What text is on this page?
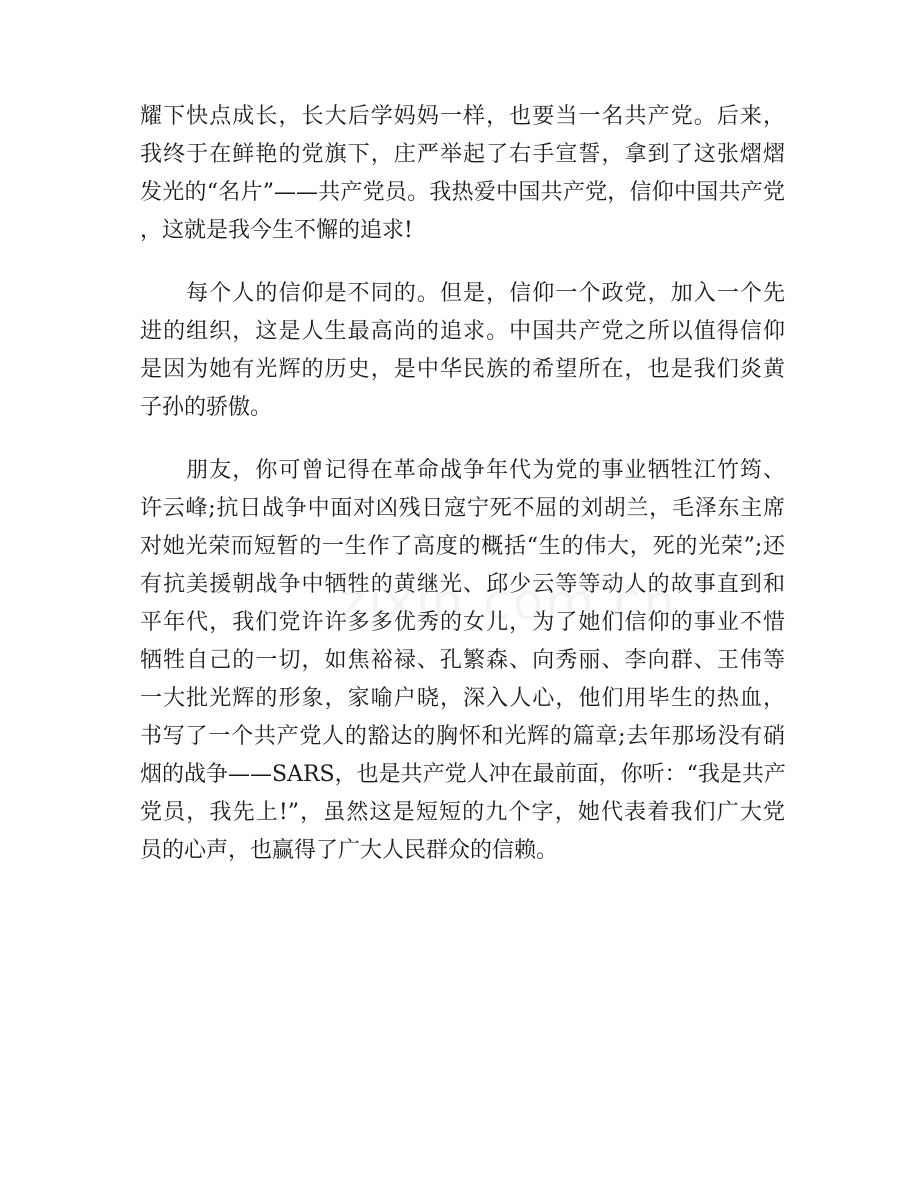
耀下快点成长，长大后学妈妈一样，也要当一名共产党。后来，
我终于在鲜艳的党旗下，庄严举起了右手宣誓，拿到了这张熠熠
发光的“名片”——共产党员。我热爱中国共产党，信仰中国共产党
，这就是我今生不懈的追求!
　　每个人的信仰是不同的。但是，信仰一个政党，加入一个先
进的组织，这是人生最高尚的追求。中国共产党之所以值得信仰
是因为她有光辉的历史，是中华民族的希望所在，也是我们炎黄
子孙的骄傲。
　　朋友，你可曾记得在革命战争年代为党的事业牺牲江竹筠、
许云峰;抗日战争中面对凶残日寇宁死不屈的刘胡兰，毛泽东主席
对她光荣而短暂的一生作了高度的概括“生的伟大，死的光荣”;还
有抗美援朝战争中牺牲的黄继光、邱少云等等动人的故事直到和
平年代，我们党许许多多优秀的女儿，为了她们信仰的事业不惜
牺牲自己的一切，如焦裕禄、孔繁森、向秀丽、李向群、王伟等
一大批光辉的形象，家喻户晓，深入人心，他们用毕生的热血，
书写了一个共产党人的豁达的胸怀和光辉的篇章;去年那场没有硝
烟的战争——SARS，也是共产党人冲在最前面，你听：“我是共产
党员，我先上!”，虽然这是短短的九个字，她代表着我们广大党
员的心声，也赢得了广大人民群众的信赖。
